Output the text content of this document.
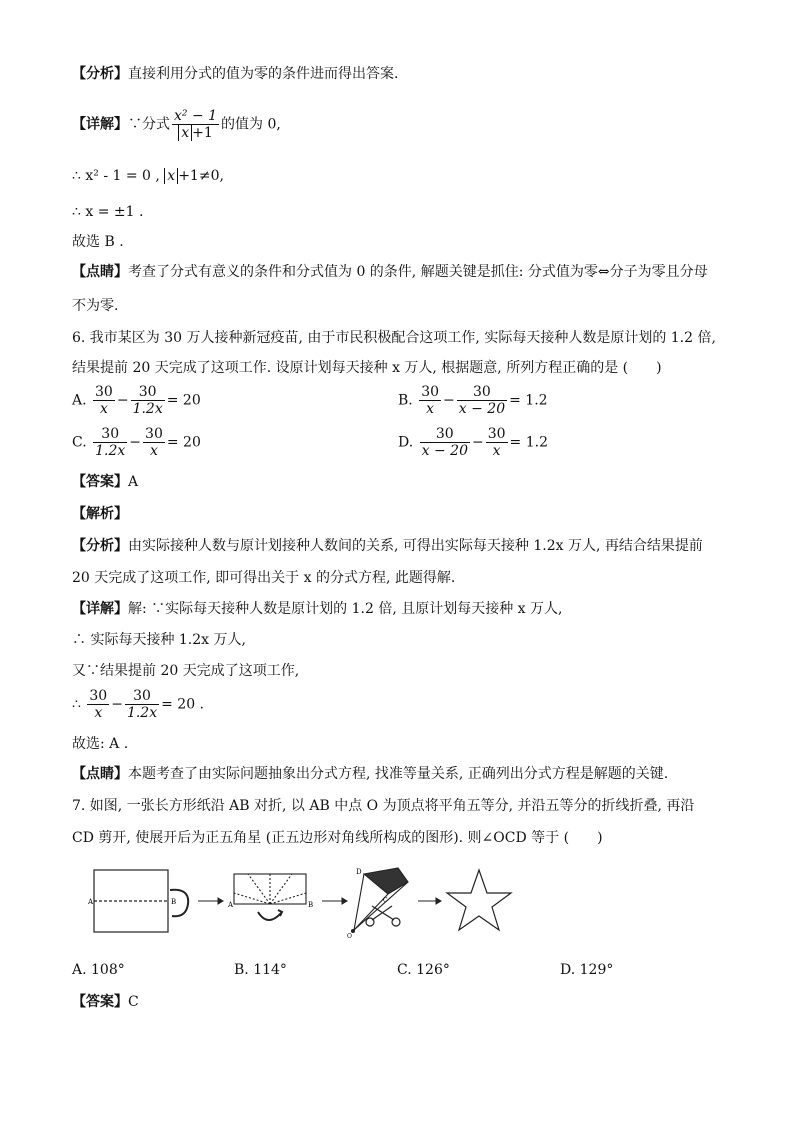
【分析】直接利用分式的值为零的条件进而得出答案.
【详解】∵分式 $\frac{\text{x² − 1}}{x +1}$ 的值为 0,
∴ x² - 1 = 0 , x +1≠0,
∴ x = ±1 .
故选 B .
【点睛】考查了分式有意义的条件和分式值为 0 的条件, 解题关键是抓住: 分式值为零⇔分子为零且分母
不为零.
6. 我市某区为 30 万人接种新冠疫苗, 由于市民积极配合这项工作, 实际每天接种人数是原计划的 1.2 倍,
结果提前 20 天完成了这项工作. 设原计划每天接种 x 万人, 根据题意, 所列方程正确的是 (　　)
A. $\frac{30}{x} - \frac{30}{1.2x} = 20$	B. $\frac{30}{x} - \frac{30}{x - 20} = 1.2$
C. $\frac{30}{1.2x} - \frac{30}{x} = 20$	D. $\frac{30}{x - 20} - \frac{30}{x} = 1.2$
【答案】A
【解析】
【分析】由实际接种人数与原计划接种人数间的关系, 可得出实际每天接种 1.2x 万人, 再结合结果提前
20 天完成了这项工作, 即可得出关于 x 的分式方程, 此题得解.
【详解】解: ∵实际每天接种人数是原计划的 1.2 倍, 且原计划每天接种 x 万人,
∴ 实际每天接种 1.2x 万人,
又∵结果提前 20 天完成了这项工作,
∴ $\frac{30}{x} - \frac{30}{1.2x} = 20$ .
故选: A .
【点睛】本题考查了由实际问题抽象出分式方程, 找准等量关系, 正确列出分式方程是解题的关键.
7. 如图, 一张长方形纸沿 AB 对折, 以 AB 中点 O 为顶点将平角五等分, 并沿五等分的折线折叠, 再沿
CD 剪开, 使展开后为正五角星 (正五边形对角线所构成的图形). 则∠OCD 等于 (　　)
A	B	A	B
D
C
O
A. 108°	B. 114°	C. 126°	D. 129°
【答案】C
